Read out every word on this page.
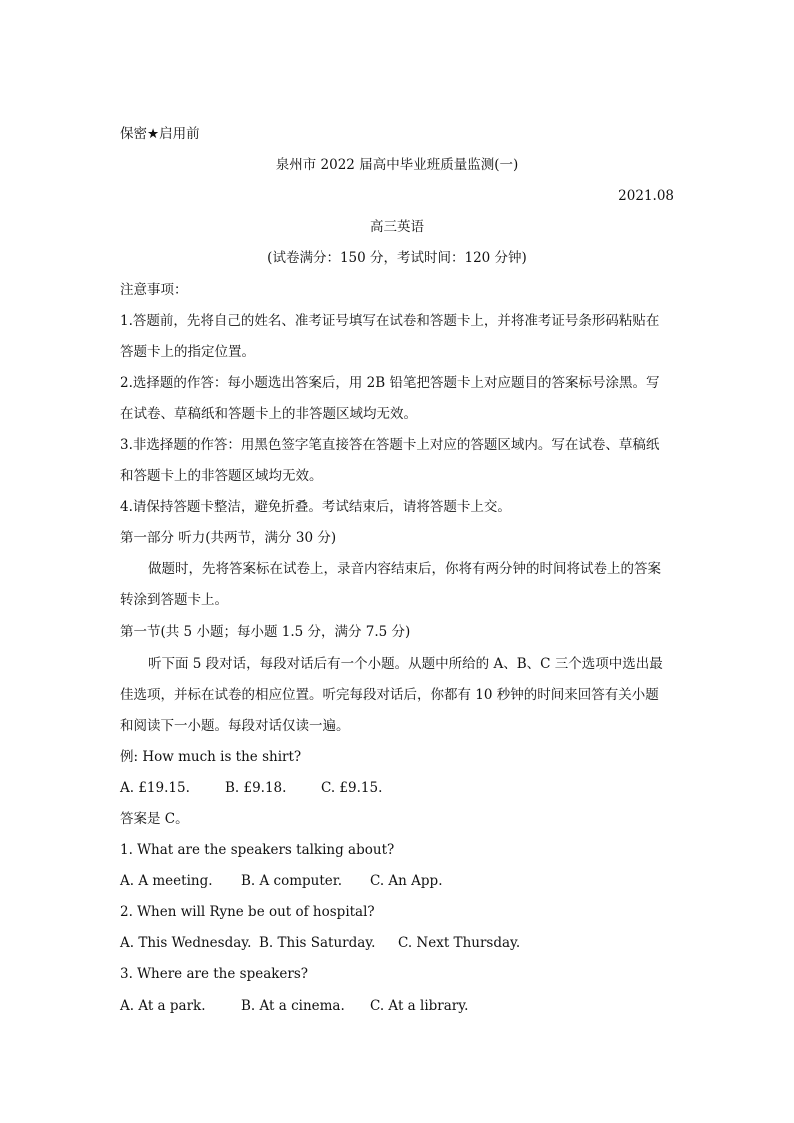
保密★启用前
泉州市 2022 届高中毕业班质量监测(一)
2021.08
高三英语
(试卷满分：150 分，考试时间：120 分钟)
注意事项：
1.答题前，先将自己的姓名、准考证号填写在试卷和答题卡上，并将准考证号条形码粘贴在
答题卡上的指定位置。
2.选择题的作答：每小题选出答案后，用 2B 铅笔把答题卡上对应题目的答案标号涂黑。写
在试卷、草稿纸和答题卡上的非答题区域均无效。
3.非选择题的作答：用黑色签字笔直接答在答题卡上对应的答题区域内。写在试卷、草稿纸
和答题卡上的非答题区域均无效。
4.请保持答题卡整洁，避免折叠。考试结束后，请将答题卡上交。
第一部分 听力(共两节，满分 30 分)
做题时，先将答案标在试卷上，录音内容结束后，你将有两分钟的时间将试卷上的答案
转涂到答题卡上。
第一节(共 5 小题；每小题 1.5 分，满分 7.5 分)
听下面 5 段对话，每段对话后有一个小题。从题中所给的 A、B、C 三个选项中选出最
佳选项，并标在试卷的相应位置。听完每段对话后，你都有 10 秒钟的时间来回答有关小题
和阅读下一小题。每段对话仅读一遍。
例: How much is the shirt?
A. £19.15.	B. £9.18.	C. £9.15.
答案是 C。
1. What are the speakers talking about?
A. A meeting. B. A computer. C. An App.
2. When will Ryne be out of hospital?
A. This Wednesday. B. This Saturday. C. Next Thursday.
3. Where are the speakers?
A. At a park.	B. At a cinema. C. At a library.
